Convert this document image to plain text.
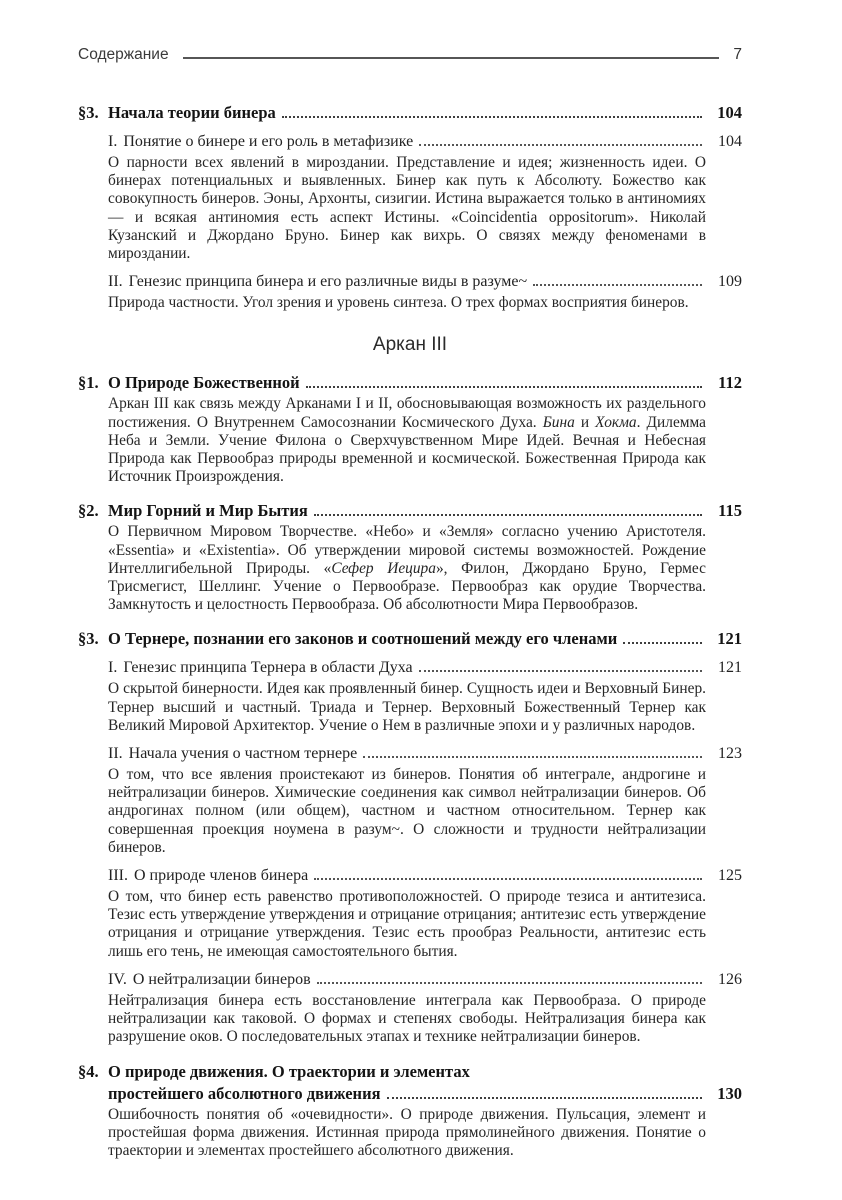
Содержание	7
§3. Начала теории бинера	104
I. Понятие о бинере и его роль в метафизике	104

О парности всех явлений в мироздании. Представление и идея; жизненность идеи. О бинерах потенциальных и выявленных. Бинер как путь к Абсолюту. Божество как совокупность бинеров. Эоны, Архонты, сизигии. Истина выражается только в антиномиях — и всякая антиномия есть аспект Истины. «Coincidentia oppositorum». Николай Кузанский и Джордано Бруно. Бинер как вихрь. О связях между феноменами в мироздании.

II. Генезис принципа бинера и его различные виды в разуме~	109

Природа частности. Угол зрения и уровень синтеза. О трех формах восприятия бинеров.

Аркан III
§1. О Природе Божественной	112

Аркан III как связь между Арканами I и II, обосновывающая возможность их раздельного постижения. О Внутреннем Самосознании Космического Духа. Бина и Хокма. Дилемма Неба и Земли. Учение Филона о Сверхчувственном Мире Идей. Вечная и Небесная Природа как Первообраз природы временной и космической. Божественная Природа как Источник Произрождения.

§2. Мир Горний и Мир Бытия	115

О Первичном Мировом Творчестве. «Небо» и «Земля» согласно учению Аристотеля. «Essentia» и «Existentia». Об утверждении мировой системы возможностей. Рождение Интеллигибельной Природы. «Сефер Иецира», Филон, Джордано Бруно, Гермес Трисмегист, Шеллинг. Учение о Первообразе. Первообраз как орудие Творчества. Замкнутость и целостность Первообраза. Об абсолютности Мира Первообразов.

§3. О Тернере, познании его законов и соотношений между его членами	121
I. Генезис принципа Тернера в области Духа	121

О скрытой бинерности. Идея как проявленный бинер. Сущность идеи и Верховный Бинер. Тернер высший и частный. Триада и Тернер. Верховный Божественный Тернер как Великий Мировой Архитектор. Учение о Нем в различные эпохи и у различных народов.

II. Начала учения о частном тернере	123

О том, что все явления проистекают из бинеров. Понятия об интеграле, андрогине и нейтрализации бинеров. Химические соединения как символ нейтрализации бинеров. Об андрогинах полном (или общем), частном и частном относительном. Тернер как совершенная проекция ноумена в разум~. О сложности и трудности нейтрализации бинеров.

III. О природе членов бинера	125

О том, что бинер есть равенство противоположностей. О природе тезиса и антитезиса. Тезис есть утверждение утверждения и отрицание отрицания; антитезис есть утверждение отрицания и отрицание утверждения. Тезис есть прообраз Реальности, антитезис есть лишь его тень, не имеющая самостоятельного бытия.

IV. О нейтрализации бинеров	126

Нейтрализация бинера есть восстановление интеграла как Первообраза. О природе нейтрализации как таковой. О формах и степенях свободы. Нейтрализация бинера как разрушение оков. О последовательных этапах и технике нейтрализации бинеров.

§4. О природе движения. О траектории и элементах
простейшего абсолютного движения	130

Ошибочность понятия об «очевидности». О природе движения. Пульсация, элемент и простейшая форма движения. Истинная природа прямолинейного движения. Понятие о траектории и элементах простейшего абсолютного движения.
